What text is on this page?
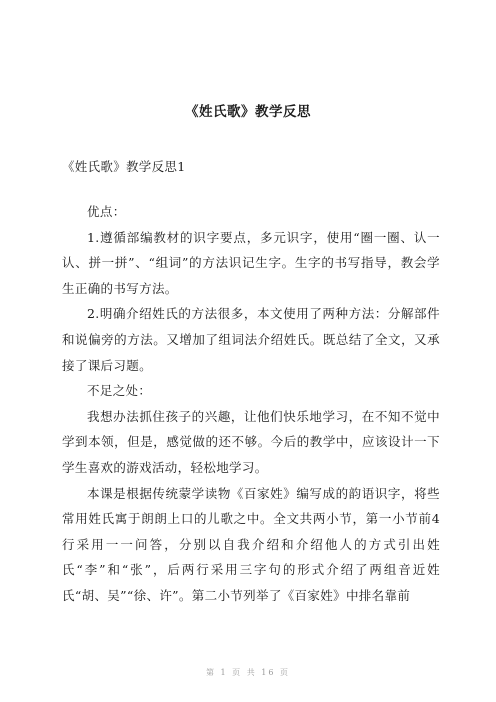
《姓氏歌》教学反思
《姓氏歌》教学反思1

优点：

1.遵循部编教材的识字要点，多元识字，使用“圈一圈、认一认、拼一拼”、“组词”的方法识记生字。生字的书写指导，教会学生正确的书写方法。

2.明确介绍姓氏的方法很多，本文使用了两种方法：分解部件和说偏旁的方法。又增加了组词法介绍姓氏。既总结了全文，又承接了课后习题。

不足之处：

我想办法抓住孩子的兴趣，让他们快乐地学习，在不知不觉中学到本领，但是，感觉做的还不够。今后的教学中，应该设计一下学生喜欢的游戏活动，轻松地学习。

本课是根据传统蒙学读物《百家姓》编写成的韵语识字，将些常用姓氏寓于朗朗上口的儿歌之中。全文共两小节，第一小节前4行采用一一问答，分别以自我介绍和介绍他人的方式引出姓氏“李”和“张”，后两行采用三字句的形式介绍了两组音近姓氏“胡、吴”“徐、许”。第二小节列举了《百家姓》中排名靠前

第 1 页 共 16 页
